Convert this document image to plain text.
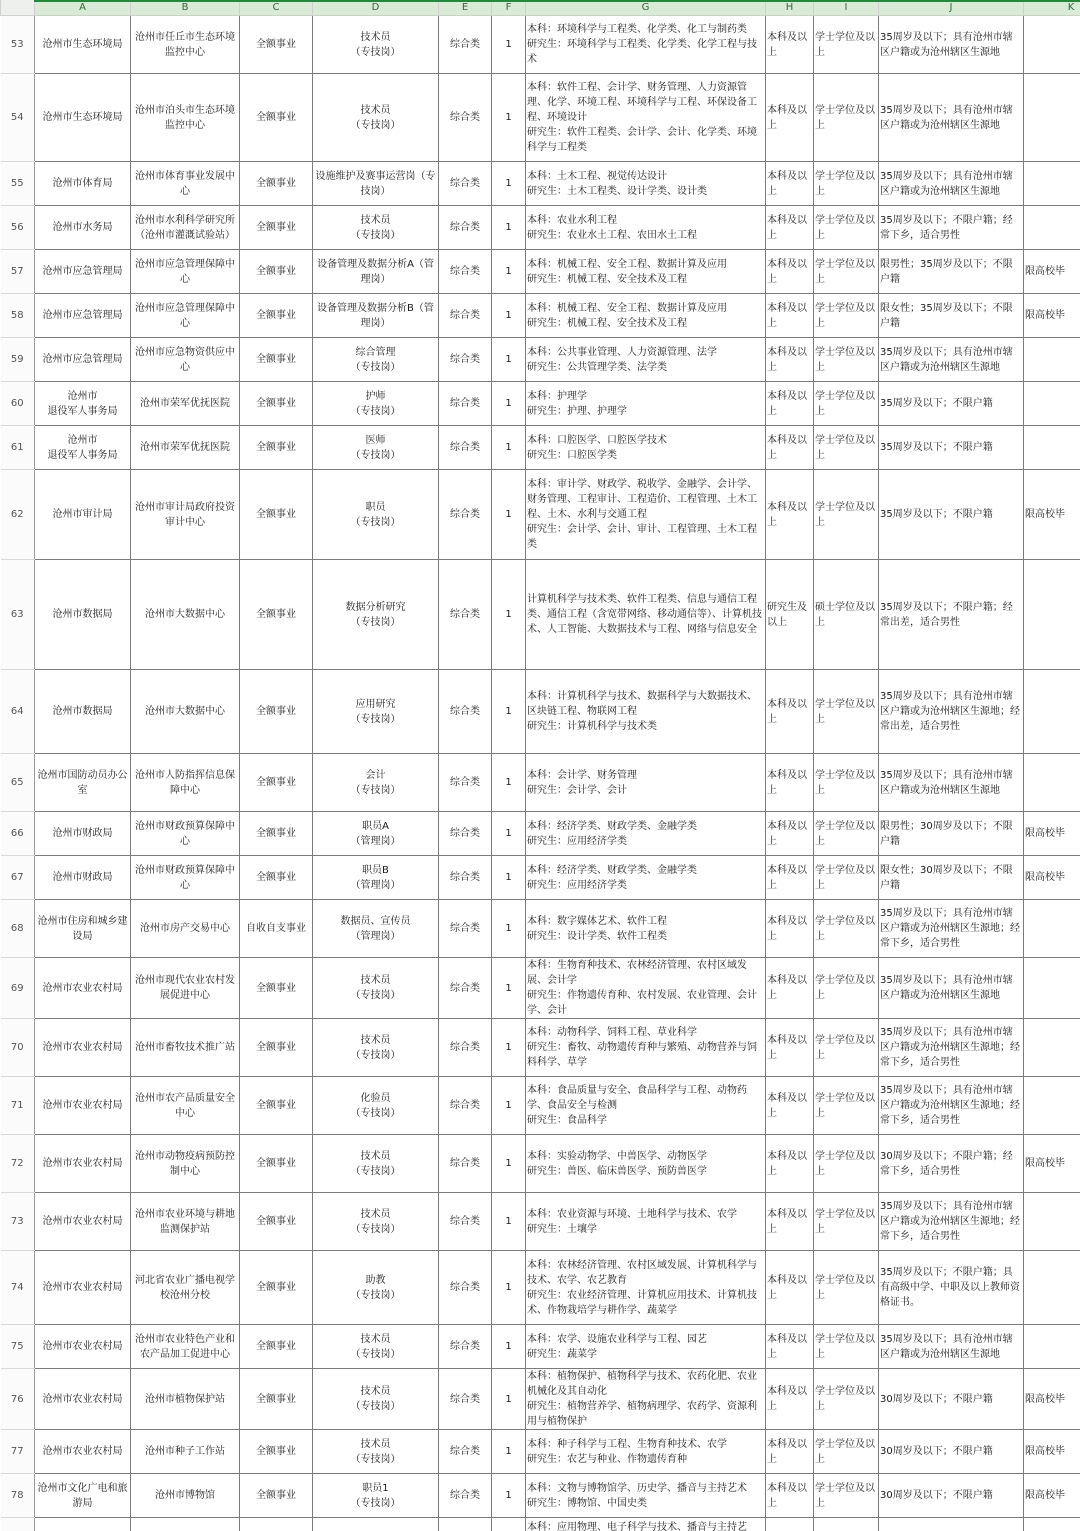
	A	B	C	D	E	F	G	H	I	J	K
53	沧州市生态环境局	沧州市任丘市生态环境监控中心	全额事业	技术员
（专技岗）	综合类	1	本科：环境科学与工程类、化学类、化工与制药类
研究生：环境科学与工程类、化学类、化学工程与技术	本科及以上	学士学位及以上	35周岁及以下；具有沧州市辖区户籍或为沧州辖区生源地	
54	沧州市生态环境局	沧州市泊头市生态环境监控中心	全额事业	技术员
（专技岗）	综合类	1	本科：软件工程、会计学、财务管理、人力资源管理、化学、环境工程、环境科学与工程、环保设备工程、环境设计
研究生：软件工程类、会计学、会计、化学类、环境科学与工程类	本科及以上	学士学位及以上	35周岁及以下；具有沧州市辖区户籍或为沧州辖区生源地	
55	沧州市体育局	沧州市体育事业发展中心	全额事业	设施维护及赛事运营岗（专技岗）	综合类	1	本科：土木工程、视觉传达设计
研究生：土木工程类、设计学类、设计类	本科及以上	学士学位及以上	35周岁及以下；具有沧州市辖区户籍或为沧州辖区生源地	
56	沧州市水务局	沧州市水利科学研究所（沧州市灌溉试验站）	全额事业	技术员
（专技岗）	综合类	1	本科：农业水利工程
研究生：农业水土工程、农田水土工程	本科及以上	学士学位及以上	35周岁及以下；不限户籍；经常下乡，适合男性	
57	沧州市应急管理局	沧州市应急管理保障中心	全额事业	设备管理及数据分析A（管理岗）	综合类	1	本科：机械工程、安全工程、数据计算及应用
研究生：机械工程、安全技术及工程	本科及以上	学士学位及以上	限男性；35周岁及以下；不限户籍	限高校毕
58	沧州市应急管理局	沧州市应急管理保障中心	全额事业	设备管理及数据分析B（管理岗）	综合类	1	本科：机械工程、安全工程、数据计算及应用
研究生：机械工程、安全技术及工程	本科及以上	学士学位及以上	限女性；35周岁及以下；不限户籍	限高校毕
59	沧州市应急管理局	沧州市应急物资供应中心	全额事业	综合管理
（专技岗）	综合类	1	本科：公共事业管理、人力资源管理、法学
研究生：公共管理学类、法学类	本科及以上	学士学位及以上	35周岁及以下；具有沧州市辖区户籍或为沧州辖区生源地	
60	沧州市
退役军人事务局	沧州市荣军优抚医院	全额事业	护师
（专技岗）	综合类	1	本科：护理学
研究生：护理、护理学	本科及以上	学士学位及以上	35周岁及以下；不限户籍	
61	沧州市
退役军人事务局	沧州市荣军优抚医院	全额事业	医师
（专技岗）	综合类	1	本科：口腔医学、口腔医学技术
研究生：口腔医学类	本科及以上	学士学位及以上	35周岁及以下；不限户籍	
62	沧州市审计局	沧州市审计局政府投资审计中心	全额事业	职员
（专技岗）	综合类	1	本科：审计学、财政学、税收学、金融学、会计学、财务管理、工程审计、工程造价、工程管理、土木工程、土木、水利与交通工程
研究生：会计学、会计、审计、工程管理、土木工程类	本科及以上	学士学位及以上	35周岁及以下；不限户籍	限高校毕
63	沧州市数据局	沧州市大数据中心	全额事业	数据分析研究
（专技岗）	综合类	1	计算机科学与技术类、软件工程类、信息与通信工程类、通信工程（含宽带网络、移动通信等）、计算机技术、人工智能、大数据技术与工程、网络与信息安全	研究生及以上	硕士学位及以上	35周岁及以下；不限户籍；经常出差，适合男性	
64	沧州市数据局	沧州市大数据中心	全额事业	应用研究
（专技岗）	综合类	1	本科：计算机科学与技术、数据科学与大数据技术、区块链工程、物联网工程
研究生：计算机科学与技术类	本科及以上	学士学位及以上	35周岁及以下；具有沧州市辖区户籍或为沧州辖区生源地；经常出差，适合男性	
65	沧州市国防动员办公室	沧州市人防指挥信息保障中心	全额事业	会计
（专技岗）	综合类	1	本科：会计学、财务管理
研究生：会计学、会计	本科及以上	学士学位及以上	35周岁及以下；具有沧州市辖区户籍或为沧州辖区生源地	
66	沧州市财政局	沧州市财政预算保障中心	全额事业	职员A
（管理岗）	综合类	1	本科：经济学类、财政学类、金融学类
研究生：应用经济学类	本科及以上	学士学位及以上	限男性；30周岁及以下；不限户籍	限高校毕
67	沧州市财政局	沧州市财政预算保障中心	全额事业	职员B
（管理岗）	综合类	1	本科：经济学类、财政学类、金融学类
研究生：应用经济学类	本科及以上	学士学位及以上	限女性；30周岁及以下；不限户籍	限高校毕
68	沧州市住房和城乡建设局	沧州市房产交易中心	自收自支事业	数据员、宣传员
（管理岗）	综合类	1	本科：数字媒体艺术、软件工程
研究生：设计学类、软件工程类	本科及以上	学士学位及以上	35周岁及以下；具有沧州市辖区户籍或为沧州辖区生源地；经常下乡，适合男性	
69	沧州市农业农村局	沧州市现代农业农村发展促进中心	全额事业	技术员
（专技岗）	综合类	1	本科：生物育种技术、农林经济管理、农村区域发展、会计学
研究生：作物遗传育种、农村发展、农业管理、会计学、会计	本科及以上	学士学位及以上	35周岁及以下；具有沧州市辖区户籍或为沧州辖区生源地	
70	沧州市农业农村局	沧州市畜牧技术推广站	全额事业	技术员
（专技岗）	综合类	1	本科：动物科学、饲料工程、草业科学
研究生：畜牧、动物遗传育种与繁殖、动物营养与饲料科学、草学	本科及以上	学士学位及以上	35周岁及以下；具有沧州市辖区户籍或为沧州辖区生源地；经常下乡，适合男性	
71	沧州市农业农村局	沧州市农产品质量安全中心	全额事业	化验员
（专技岗）	综合类	1	本科：食品质量与安全、食品科学与工程、动物药学、食品安全与检测
研究生：食品科学	本科及以上	学士学位及以上	35周岁及以下；具有沧州市辖区户籍或为沧州辖区生源地；经常下乡，适合男性	
72	沧州市农业农村局	沧州市动物疫病预防控制中心	全额事业	技术员
（专技岗）	综合类	1	本科：实验动物学、中兽医学、动物医学
研究生：兽医、临床兽医学、预防兽医学	本科及以上	学士学位及以上	30周岁及以下；不限户籍；经常下乡，适合男性	限高校毕
73	沧州市农业农村局	沧州市农业环境与耕地监测保护站	全额事业	技术员
（专技岗）	综合类	1	本科：农业资源与环境、土地科学与技术、农学
研究生：土壤学	本科及以上	学士学位及以上	35周岁及以下；具有沧州市辖区户籍或为沧州辖区生源地；经常下乡，适合男性	
74	沧州市农业农村局	河北省农业广播电视学校沧州分校	全额事业	助教
（专技岗）	综合类	1	本科：农林经济管理、农村区域发展、计算机科学与技术、农学、农艺教育
研究生：农业经济管理、计算机应用技术、计算机技术、作物栽培学与耕作学、蔬菜学	本科及以上	学士学位及以上	35周岁及以下；不限户籍；具有高级中学、中职及以上教师资格证书。	
75	沧州市农业农村局	沧州市农业特色产业和农产品加工促进中心	全额事业	技术员
（专技岗）	综合类	1	本科：农学、设施农业科学与工程、园艺
研究生：蔬菜学	本科及以上	学士学位及以上	35周岁及以下；具有沧州市辖区户籍或为沧州辖区生源地	
76	沧州市农业农村局	沧州市植物保护站	全额事业	技术员
（专技岗）	综合类	1	本科：植物保护、植物科学与技术、农药化肥、农业机械化及其自动化
研究生：植物营养学、植物病理学、农药学、资源利用与植物保护	本科及以上	学士学位及以上	30周岁及以下；不限户籍	限高校毕
77	沧州市农业农村局	沧州市种子工作站	全额事业	技术员
（专技岗）	综合类	1	本科：种子科学与工程、生物育种技术、农学
研究生：农艺与种业、作物遗传育种	本科及以上	学士学位及以上	30周岁及以下；不限户籍	限高校毕
78	沧州市文化广电和旅游局	沧州市博物馆	全额事业	职员1
（专技岗）	综合类	1	本科：文物与博物馆学、历史学、播音与主持艺术
研究生：博物馆、中国史类	本科及以上	学士学位及以上	30周岁及以下；不限户籍	限高校毕
							本科：应用物理、电子科学与技术、播音与主持艺				
